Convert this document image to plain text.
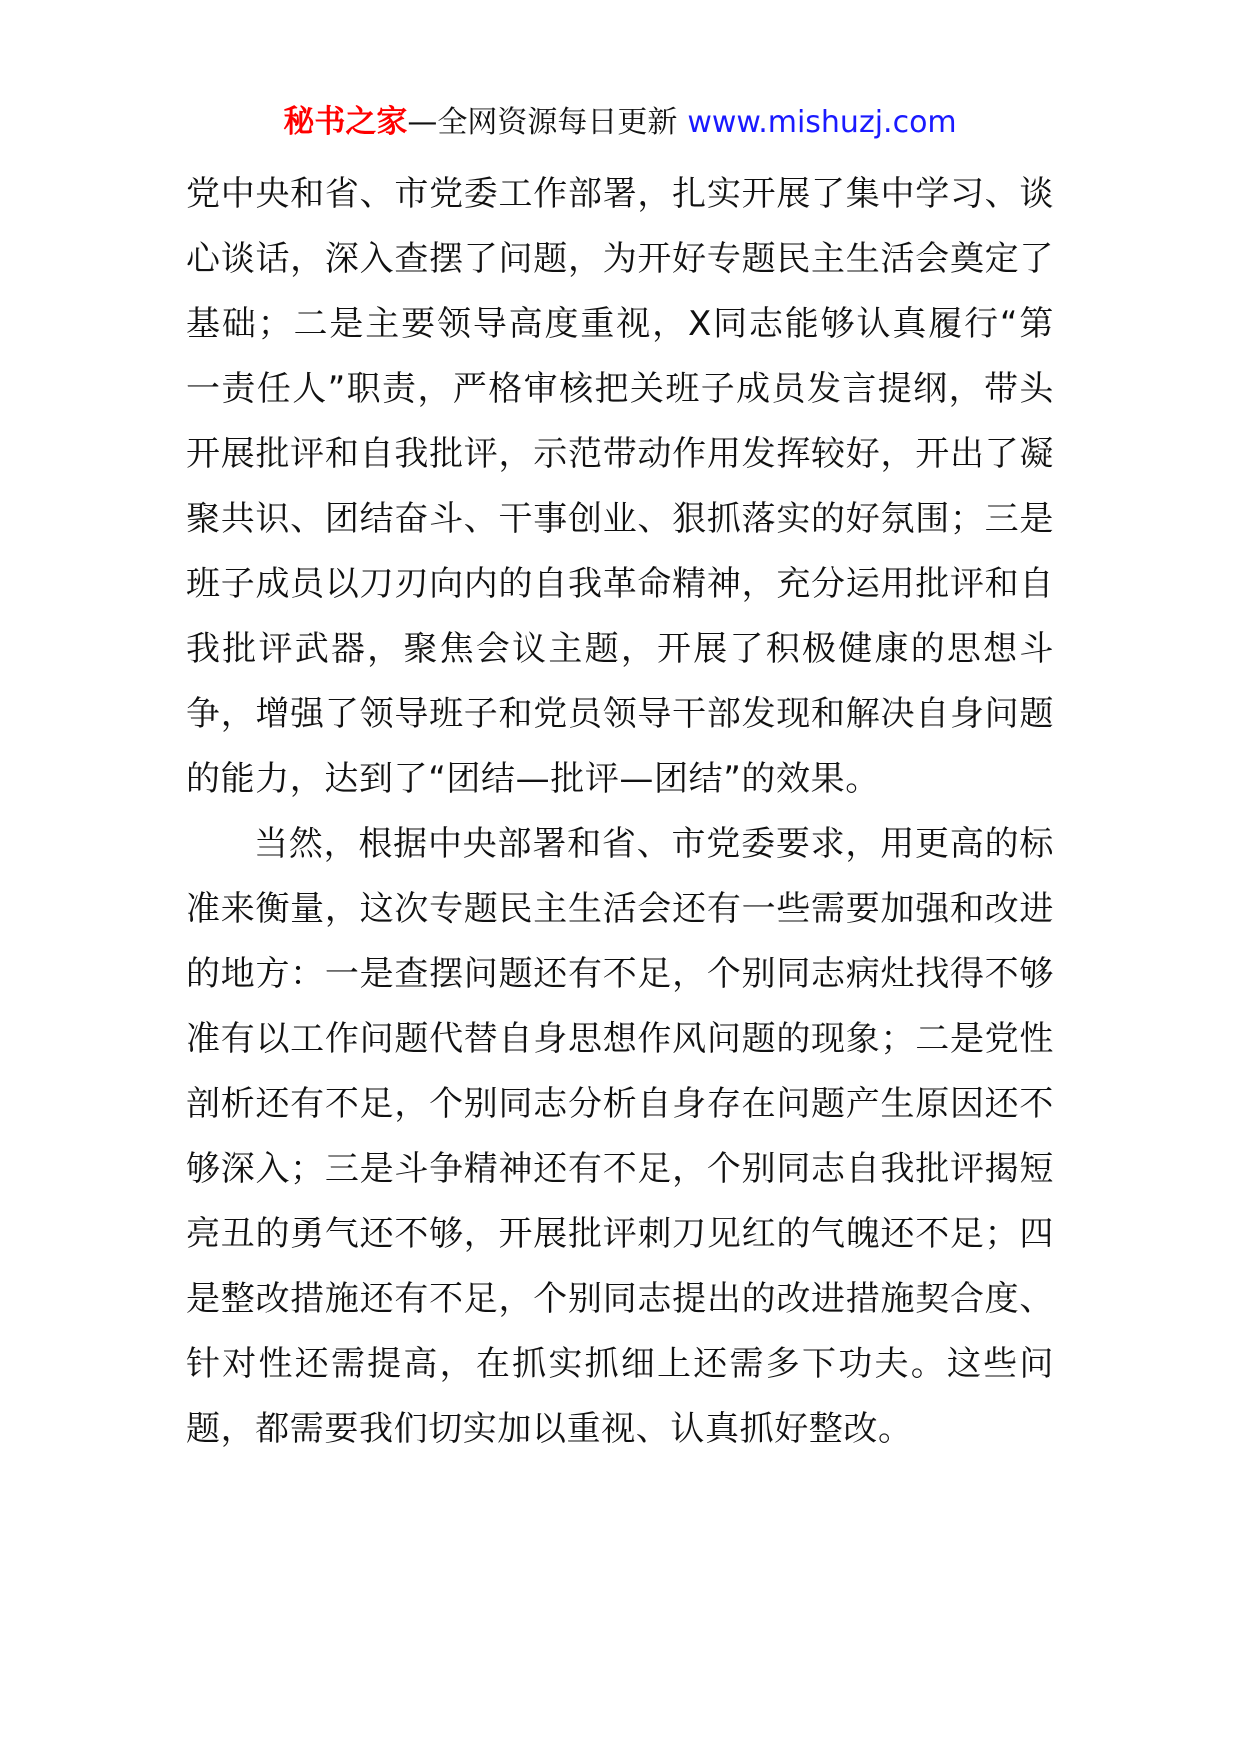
秘书之家—全网资源每日更新 www.mishuzj.com

党中央和省、市党委工作部署，扎实开展了集中学习、谈心谈话，深入查摆了问题，为开好专题民主生活会奠定了基础；二是主要领导高度重视，X同志能够认真履行“第一责任人”职责，严格审核把关班子成员发言提纲，带头开展批评和自我批评，示范带动作用发挥较好，开出了凝聚共识、团结奋斗、干事创业、狠抓落实的好氛围；三是班子成员以刀刃向内的自我革命精神，充分运用批评和自我批评武器，聚焦会议主题，开展了积极健康的思想斗争，增强了领导班子和党员领导干部发现和解决自身问题的能力，达到了“团结—批评—团结”的效果。

当然，根据中央部署和省、市党委要求，用更高的标准来衡量，这次专题民主生活会还有一些需要加强和改进的地方：一是查摆问题还有不足，个别同志病灶找得不够准有以工作问题代替自身思想作风问题的现象；二是党性剖析还有不足，个别同志分析自身存在问题产生原因还不够深入；三是斗争精神还有不足，个别同志自我批评揭短亮丑的勇气还不够，开展批评刺刀见红的气魄还不足；四是整改措施还有不足，个别同志提出的改进措施契合度、针对性还需提高，在抓实抓细上还需多下功夫。这些问题，都需要我们切实加以重视、认真抓好整改。
